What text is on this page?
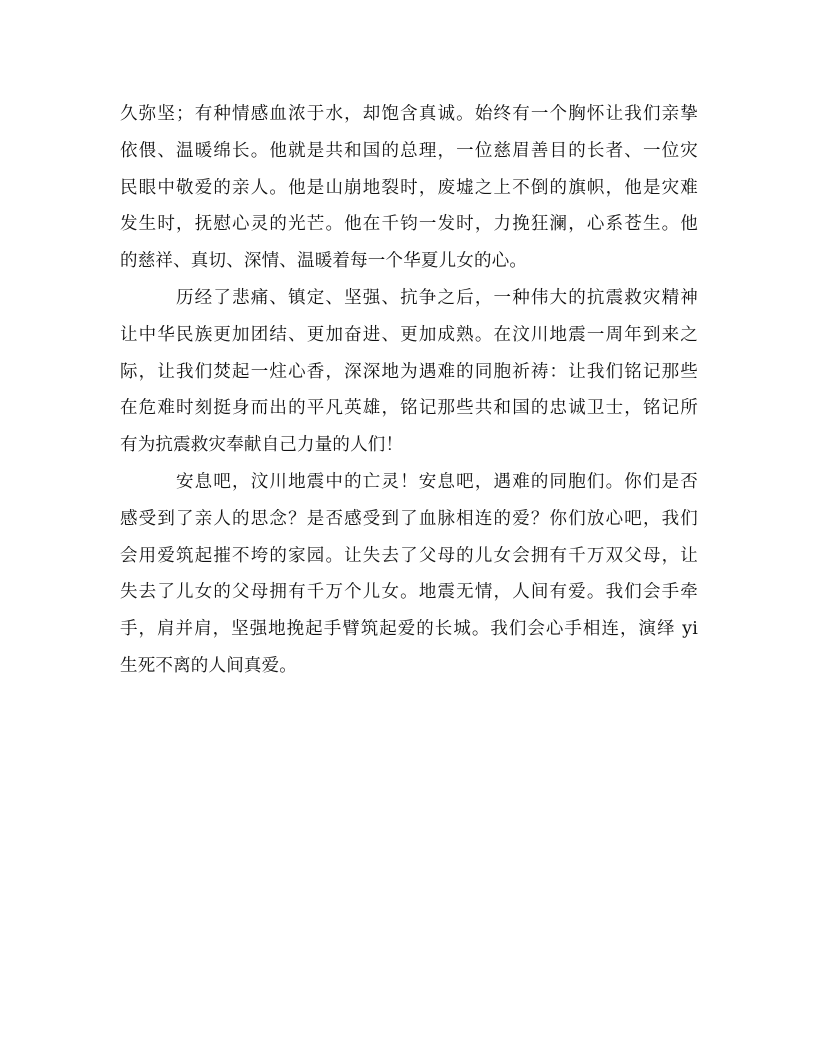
久弥坚；有种情感血浓于水，却饱含真诚。始终有一个胸怀让我们亲挚
依偎、温暖绵长。他就是共和国的总理，一位慈眉善目的长者、一位灾
民眼中敬爱的亲人。他是山崩地裂时，废墟之上不倒的旗帜，他是灾难
发生时，抚慰心灵的光芒。他在千钧一发时，力挽狂澜，心系苍生。他
的慈祥、真切、深情、温暖着每一个华夏儿女的心。
历经了悲痛、镇定、坚强、抗争之后，一种伟大的抗震救灾精神
让中华民族更加团结、更加奋进、更加成熟。在汶川地震一周年到来之
际，让我们焚起一炷心香，深深地为遇难的同胞祈祷：让我们铭记那些
在危难时刻挺身而出的平凡英雄，铭记那些共和国的忠诚卫士，铭记所
有为抗震救灾奉献自己力量的人们！
安息吧，汶川地震中的亡灵！安息吧，遇难的同胞们。你们是否
感受到了亲人的思念？是否感受到了血脉相连的爱？你们放心吧，我们
会用爱筑起摧不垮的家园。让失去了父母的儿女会拥有千万双父母，让
失去了儿女的父母拥有千万个儿女。地震无情，人间有爱。我们会手牵
手，肩并肩，坚强地挽起手臂筑起爱的长城。我们会心手相连，演绎 yi
生死不离的人间真爱。
